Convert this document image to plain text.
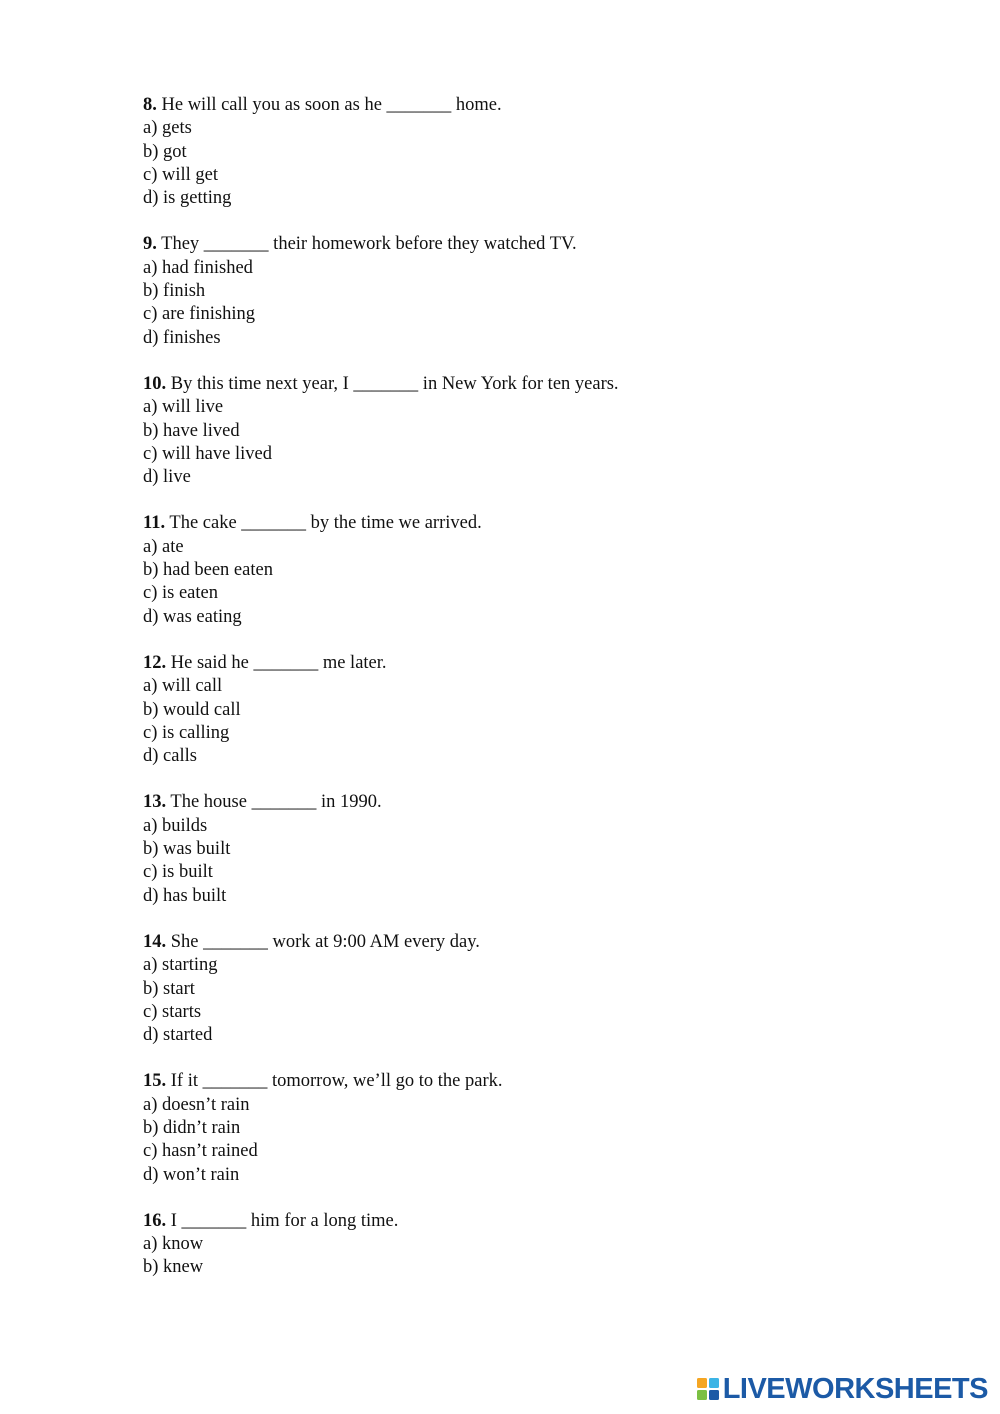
8. He will call you as soon as he _______ home.
a) gets
b) got
c) will get
d) is getting
9. They _______ their homework before they watched TV.
a) had finished
b) finish
c) are finishing
d) finishes
10. By this time next year, I _______ in New York for ten years.
a) will live
b) have lived
c) will have lived
d) live
11. The cake _______ by the time we arrived.
a) ate
b) had been eaten
c) is eaten
d) was eating
12. He said he _______ me later.
a) will call
b) would call
c) is calling
d) calls
13. The house _______ in 1990.
a) builds
b) was built
c) is built
d) has built
14. She _______ work at 9:00 AM every day.
a) starting
b) start
c) starts
d) started
15. If it _______ tomorrow, we’ll go to the park.
a) doesn’t rain
b) didn’t rain
c) hasn’t rained
d) won’t rain
16. I _______ him for a long time.
a) know
b) knew
LIVEWORKSHEETS
